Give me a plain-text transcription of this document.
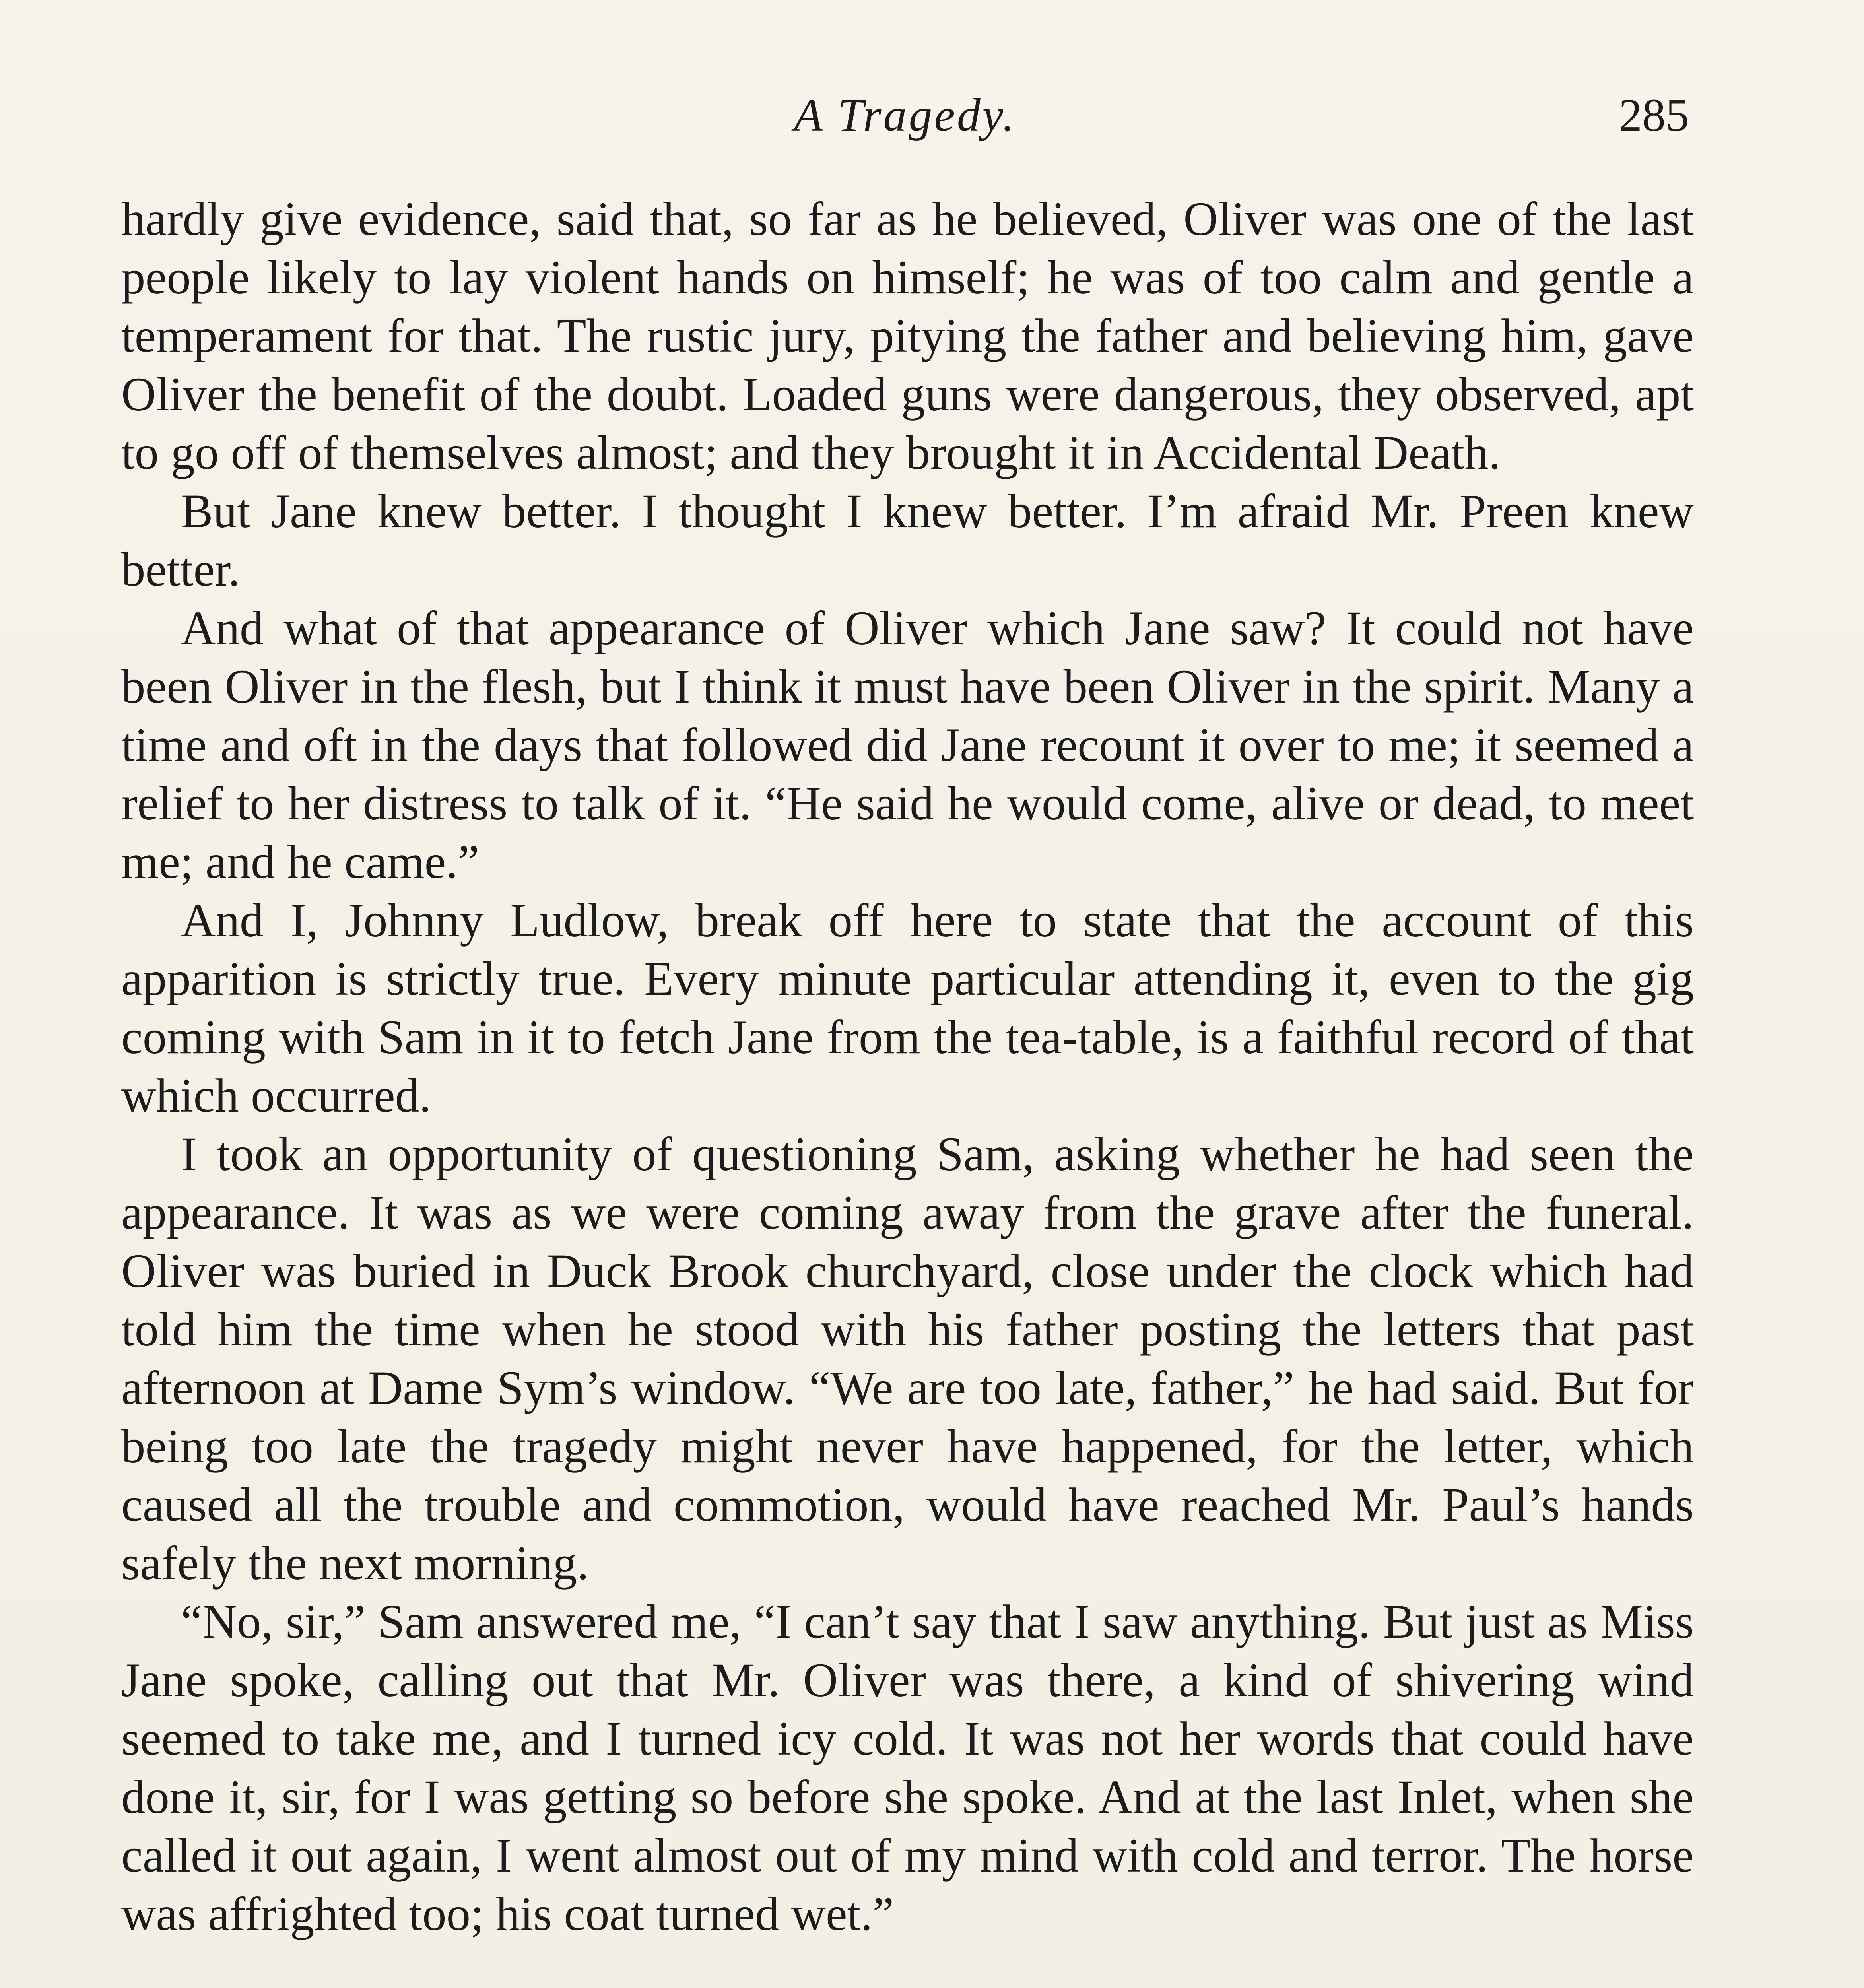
A Tragedy.	285

hardly give evidence, said that, so far as he believed, Oliver was one of the last people likely to lay violent hands on himself; he was of too calm and gentle a temperament for that. The rustic jury, pitying the father and believing him, gave Oliver the benefit of the doubt. Loaded guns were dangerous, they observed, apt to go off of themselves almost; and they brought it in Accidental Death.

But Jane knew better. I thought I knew better. I’m afraid Mr. Preen knew better.

And what of that appearance of Oliver which Jane saw? It could not have been Oliver in the flesh, but I think it must have been Oliver in the spirit. Many a time and oft in the days that followed did Jane recount it over to me; it seemed a relief to her distress to talk of it. “He said he would come, alive or dead, to meet me; and he came.”

And I, Johnny Ludlow, break off here to state that the account of this apparition is strictly true. Every minute particular attending it, even to the gig coming with Sam in it to fetch Jane from the tea-table, is a faithful record of that which occurred.

I took an opportunity of questioning Sam, asking whether he had seen the appearance. It was as we were coming away from the grave after the funeral. Oliver was buried in Duck Brook churchyard, close under the clock which had told him the time when he stood with his father posting the letters that past afternoon at Dame Sym’s window. “We are too late, father,” he had said. But for being too late the tragedy might never have happened, for the letter, which caused all the trouble and commotion, would have reached Mr. Paul’s hands safely the next morning.

“No, sir,” Sam answered me, “I can’t say that I saw anything. But just as Miss Jane spoke, calling out that Mr. Oliver was there, a kind of shivering wind seemed to take me, and I turned icy cold. It was not her words that could have done it, sir, for I was getting so before she spoke. And at the last Inlet, when she called it out again, I went almost out of my mind with cold and terror. The horse was affrighted too; his coat turned wet.”
